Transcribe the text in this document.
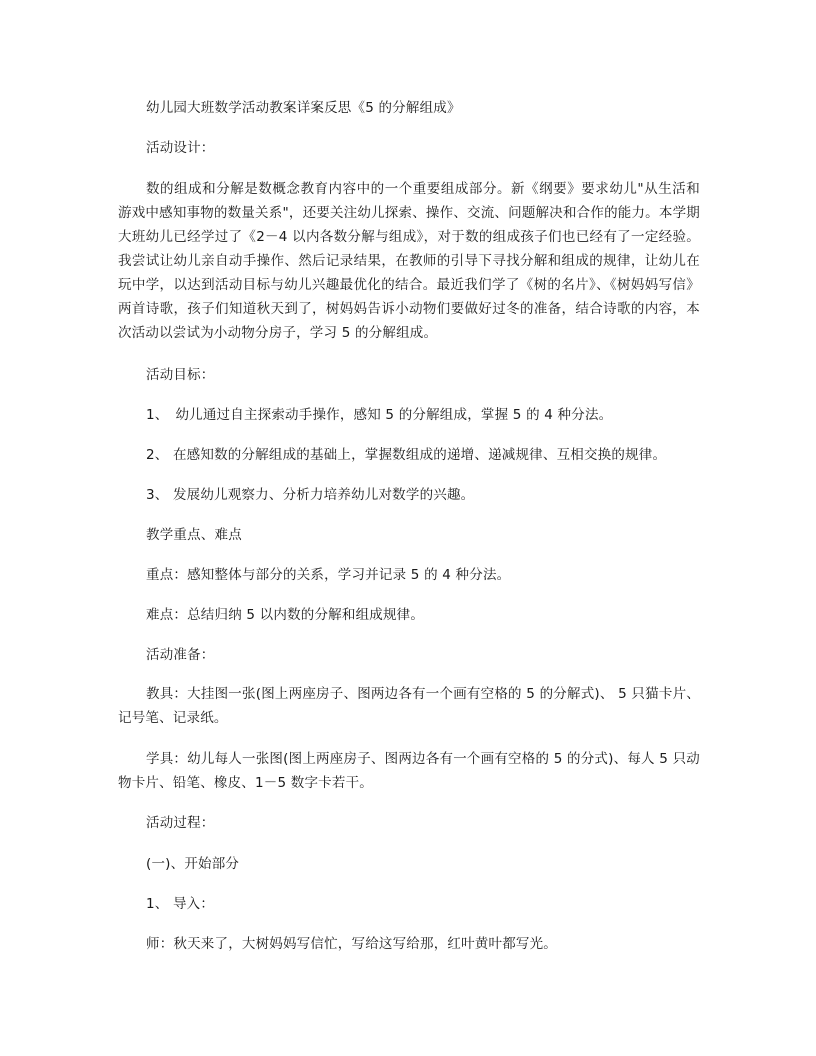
幼儿园大班数学活动教案详案反思《5 的分解组成》
活动设计：
数的组成和分解是数概念教育内容中的一个重要组成部分。新《纲要》要求幼儿"从生活和游戏中感知事物的数量关系"，还要关注幼儿探索、操作、交流、问题解决和合作的能力。本学期大班幼儿已经学过了《2－4 以内各数分解与组成》，对于数的组成孩子们也已经有了一定经验。我尝试让幼儿亲自动手操作、然后记录结果，在教师的引导下寻找分解和组成的规律，让幼儿在玩中学，以达到活动目标与幼儿兴趣最优化的结合。最近我们学了《树的名片》、《树妈妈写信》两首诗歌，孩子们知道秋天到了，树妈妈告诉小动物们要做好过冬的准备，结合诗歌的内容，本次活动以尝试为小动物分房子，学习 5 的分解组成。
活动目标：
1、　幼儿通过自主探索动手操作，感知 5 的分解组成，掌握 5 的 4 种分法。
2、 在感知数的分解组成的基础上，掌握数组成的递增、递减规律、互相交换的规律。
3、 发展幼儿观察力、分析力培养幼儿对数学的兴趣。
教学重点、难点
重点：感知整体与部分的关系，学习并记录 5 的 4 种分法。
难点：总结归纳 5 以内数的分解和组成规律。
活动准备：
教具：大挂图一张(图上两座房子、图两边各有一个画有空格的 5 的分解式)、 5 只猫卡片、记号笔、记录纸。
学具：幼儿每人一张图(图上两座房子、图两边各有一个画有空格的 5 的分式)、每人 5 只动物卡片、铅笔、橡皮、1－5 数字卡若干。
活动过程：
(一)、开始部分
1、 导入：
师：秋天来了，大树妈妈写信忙，写给这写给那，红叶黄叶都写光。
